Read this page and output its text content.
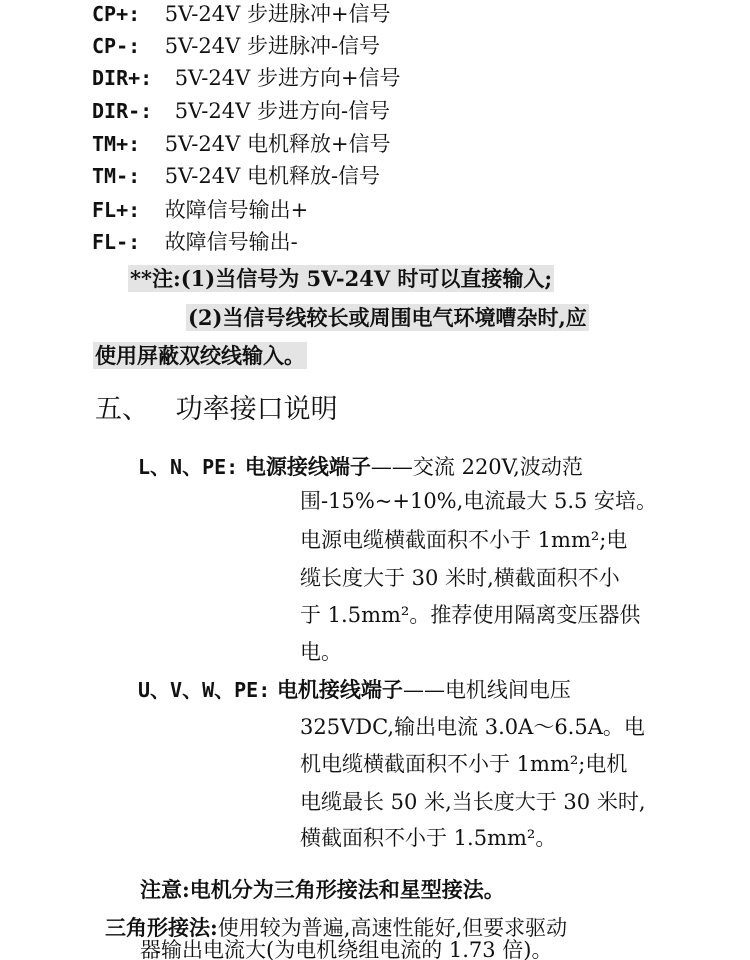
CP+: 5V-24V 步进脉冲+信号
CP-: 5V-24V 步进脉冲-信号
DIR+: 5V-24V 步进方向+信号
DIR-: 5V-24V 步进方向-信号
TM+: 5V-24V 电机释放+信号
TM-: 5V-24V 电机释放-信号
FL+: 故障信号输出+
FL-: 故障信号输出-
**注:(1)当信号为 5V-24V 时可以直接输入;
(2)当信号线较长或周围电气环境嘈杂时,应
使用屏蔽双绞线输入。
五、 功率接口说明
L、N、PE: 电源接线端子——交流 220V,波动范
围-15%~+10%,电流最大 5.5 安培。
电源电缆横截面积不小于 1mm²;电
缆长度大于 30 米时,横截面积不小
于 1.5mm²。推荐使用隔离变压器供
电。
U、V、W、PE: 电机接线端子——电机线间电压
325VDC,输出电流 3.0A～6.5A。电
机电缆横截面积不小于 1mm²;电机
电缆最长 50 米,当长度大于 30 米时,
横截面积不小于 1.5mm²。
注意:电机分为三角形接法和星型接法。
三角形接法:使用较为普遍,高速性能好,但要求驱动
器输出电流大(为电机绕组电流的 1.73 倍)。
